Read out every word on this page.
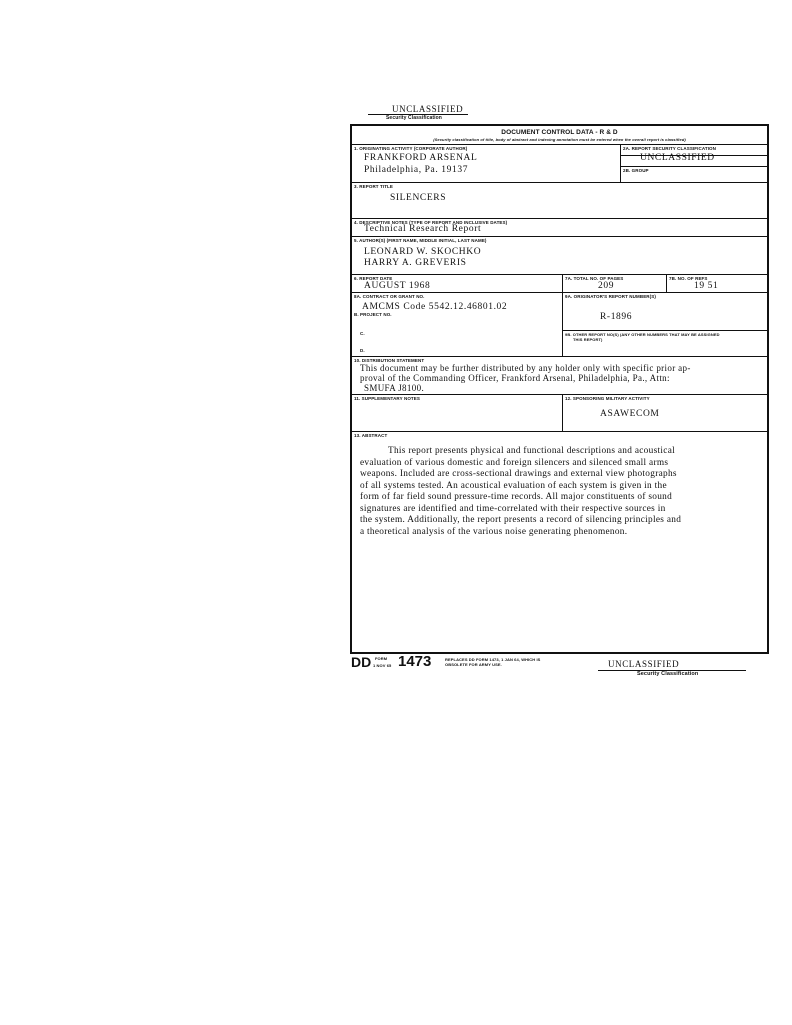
UNCLASSIFIED
Security Classification
DOCUMENT CONTROL DATA - R & D
(Security classification of title, body of abstract and indexing annotation must be entered when the overall report is classified)
1. ORIGINATING ACTIVITY (CORPORATE AUTHOR)
FRANKFORD ARSENAL
Philadelphia, Pa. 19137
2A. REPORT SECURITY CLASSIFICATION
UNCLASSIFIED
2B. GROUP
3. REPORT TITLE
SILENCERS
4. DESCRIPTIVE NOTES (TYPE OF REPORT AND INCLUSIVE DATES)
Technical Research Report
5. AUTHOR(S) (FIRST NAME, MIDDLE INITIAL, LAST NAME)
LEONARD W. SKOCHKO
HARRY A. GREVERIS
6. REPORT DATE
AUGUST 1968
7A. TOTAL NO. OF PAGES
209
7B. NO. OF REFS
19 51
8A. CONTRACT OR GRANT NO.
AMCMS Code 5542.12.46801.02
B. PROJECT NO.
C.
D.
9A. ORIGINATOR'S REPORT NUMBER(S)
R-1896
9B. OTHER REPORT NO(S) (ANY OTHER NUMBERS THAT MAY BE ASSIGNED
THIS REPORT)
10. DISTRIBUTION STATEMENT
This document may be further distributed by any holder only with specific prior ap-
proval of the Commanding Officer, Frankford Arsenal, Philadelphia, Pa., Attn:
SMUFA J8100.
11. SUPPLEMENTARY NOTES	12. SPONSORING MILITARY ACTIVITY
ASAWECOM
13. ABSTRACT
This report presents physical and functional descriptions and acoustical
evaluation of various domestic and foreign silencers and silenced small arms
weapons. Included are cross-sectional drawings and external view photographs
of all systems tested. An acoustical evaluation of each system is given in the
form of far field sound pressure-time records. All major constituents of sound
signatures are identified and time-correlated with their respective sources in
the system. Additionally, the report presents a record of silencing principles and
a theoretical analysis of the various noise generating phenomenon.
DD FORM
1 NOV 65 1473	REPLACES DD FORM 1473, 1 JAN 64, WHICH IS
OBSOLETE FOR ARMY USE.	UNCLASSIFIED
Security Classification
